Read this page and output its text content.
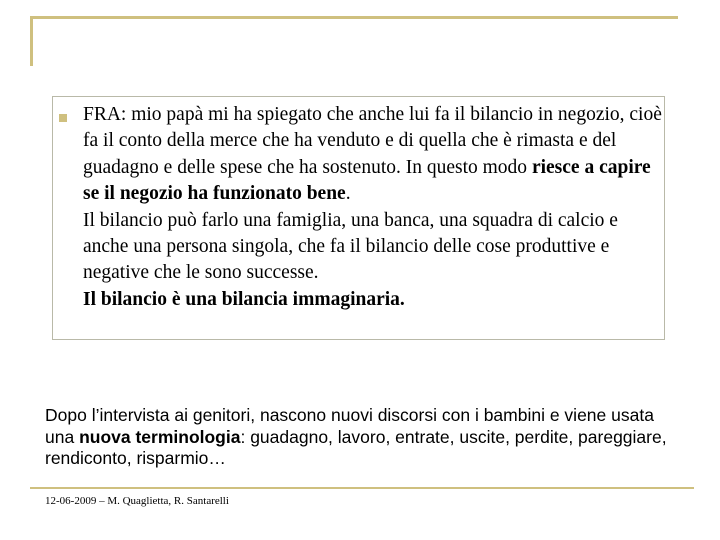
FRA: mio papà mi ha spiegato che anche lui fa il bilancio in negozio, cioè fa il conto della merce che ha venduto e di quella che è rimasta e del guadagno e delle spese che ha sostenuto. In questo modo riesce a capire se il negozio ha funzionato bene.

Il bilancio può farlo una famiglia, una banca, una squadra di calcio e anche una persona singola, che fa il bilancio delle cose produttive e negative che le sono successe.

Il bilancio è una bilancia immaginaria.

Dopo l’intervista ai genitori, nascono nuovi discorsi con i bambini e viene usata una nuova terminologia: guadagno, lavoro, entrate, uscite, perdite, pareggiare, rendiconto, risparmio…
12-06-2009 – M. Quaglietta, R. Santarelli
